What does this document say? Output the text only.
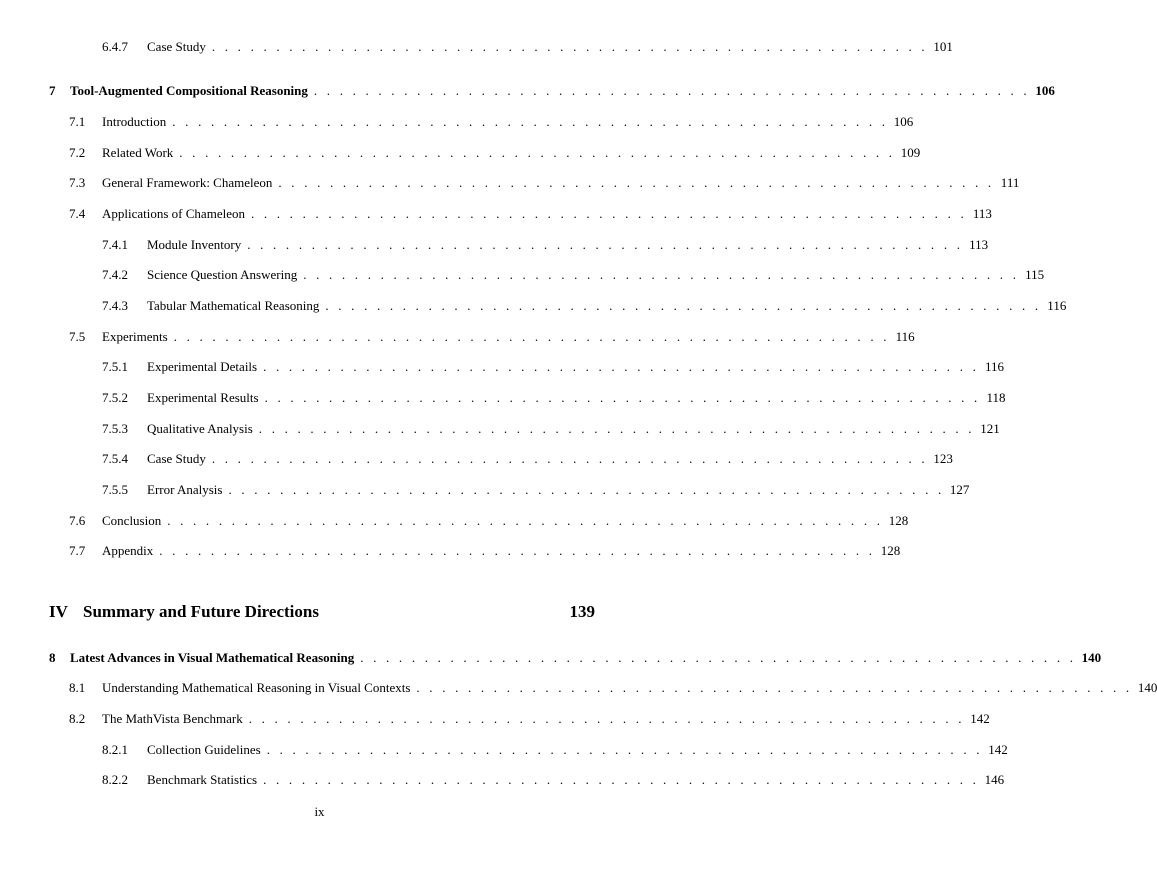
6.4.7	Case Study . . . . . . . . . . . . . . . . . . . . . . . . . . . . . . . . . . . . . . . . . . . . . . . . . . . . . . . . 101
7	Tool-Augmented Compositional Reasoning . . . . . . . . . . . . . . . . . . . . . . . . . . . . . . . . . . . . . . . . . . . . . . . . . . . . . . . . 106
7.1	Introduction . . . . . . . . . . . . . . . . . . . . . . . . . . . . . . . . . . . . . . . . . . . . . . . . . . . . . . . . 106
7.2	Related Work . . . . . . . . . . . . . . . . . . . . . . . . . . . . . . . . . . . . . . . . . . . . . . . . . . . . . . . . 109
7.3	General Framework: Chameleon . . . . . . . . . . . . . . . . . . . . . . . . . . . . . . . . . . . . . . . . . . . . . . . . . . . . . . . . 111
7.4	Applications of Chameleon . . . . . . . . . . . . . . . . . . . . . . . . . . . . . . . . . . . . . . . . . . . . . . . . . . . . . . . . 113
7.4.1	Module Inventory . . . . . . . . . . . . . . . . . . . . . . . . . . . . . . . . . . . . . . . . . . . . . . . . . . . . . . . . 113
7.4.2	Science Question Answering . . . . . . . . . . . . . . . . . . . . . . . . . . . . . . . . . . . . . . . . . . . . . . . . . . . . . . . . 115
7.4.3	Tabular Mathematical Reasoning . . . . . . . . . . . . . . . . . . . . . . . . . . . . . . . . . . . . . . . . . . . . . . . . . . . . . . . . 116
7.5	Experiments . . . . . . . . . . . . . . . . . . . . . . . . . . . . . . . . . . . . . . . . . . . . . . . . . . . . . . . . 116
7.5.1	Experimental Details . . . . . . . . . . . . . . . . . . . . . . . . . . . . . . . . . . . . . . . . . . . . . . . . . . . . . . . . 116
7.5.2	Experimental Results . . . . . . . . . . . . . . . . . . . . . . . . . . . . . . . . . . . . . . . . . . . . . . . . . . . . . . . . 118
7.5.3	Qualitative Analysis . . . . . . . . . . . . . . . . . . . . . . . . . . . . . . . . . . . . . . . . . . . . . . . . . . . . . . . . 121
7.5.4	Case Study . . . . . . . . . . . . . . . . . . . . . . . . . . . . . . . . . . . . . . . . . . . . . . . . . . . . . . . . 123
7.5.5	Error Analysis . . . . . . . . . . . . . . . . . . . . . . . . . . . . . . . . . . . . . . . . . . . . . . . . . . . . . . . . 127
7.6	Conclusion . . . . . . . . . . . . . . . . . . . . . . . . . . . . . . . . . . . . . . . . . . . . . . . . . . . . . . . . 128
7.7	Appendix . . . . . . . . . . . . . . . . . . . . . . . . . . . . . . . . . . . . . . . . . . . . . . . . . . . . . . . . 128
IV Summary and Future Directions	139
8	Latest Advances in Visual Mathematical Reasoning . . . . . . . . . . . . . . . . . . . . . . . . . . . . . . . . . . . . . . . . . . . . . . . . . . . . . . . . 140
8.1	Understanding Mathematical Reasoning in Visual Contexts . . . . . . . . . . . . . . . . . . . . . . . . . . . . . . . . . . . . . . . . . . . . . . . . . . . . . . . . 140
8.2	The MathVista Benchmark . . . . . . . . . . . . . . . . . . . . . . . . . . . . . . . . . . . . . . . . . . . . . . . . . . . . . . . . 142
8.2.1	Collection Guidelines . . . . . . . . . . . . . . . . . . . . . . . . . . . . . . . . . . . . . . . . . . . . . . . . . . . . . . . . 142
8.2.2	Benchmark Statistics . . . . . . . . . . . . . . . . . . . . . . . . . . . . . . . . . . . . . . . . . . . . . . . . . . . . . . . . 146
ix
